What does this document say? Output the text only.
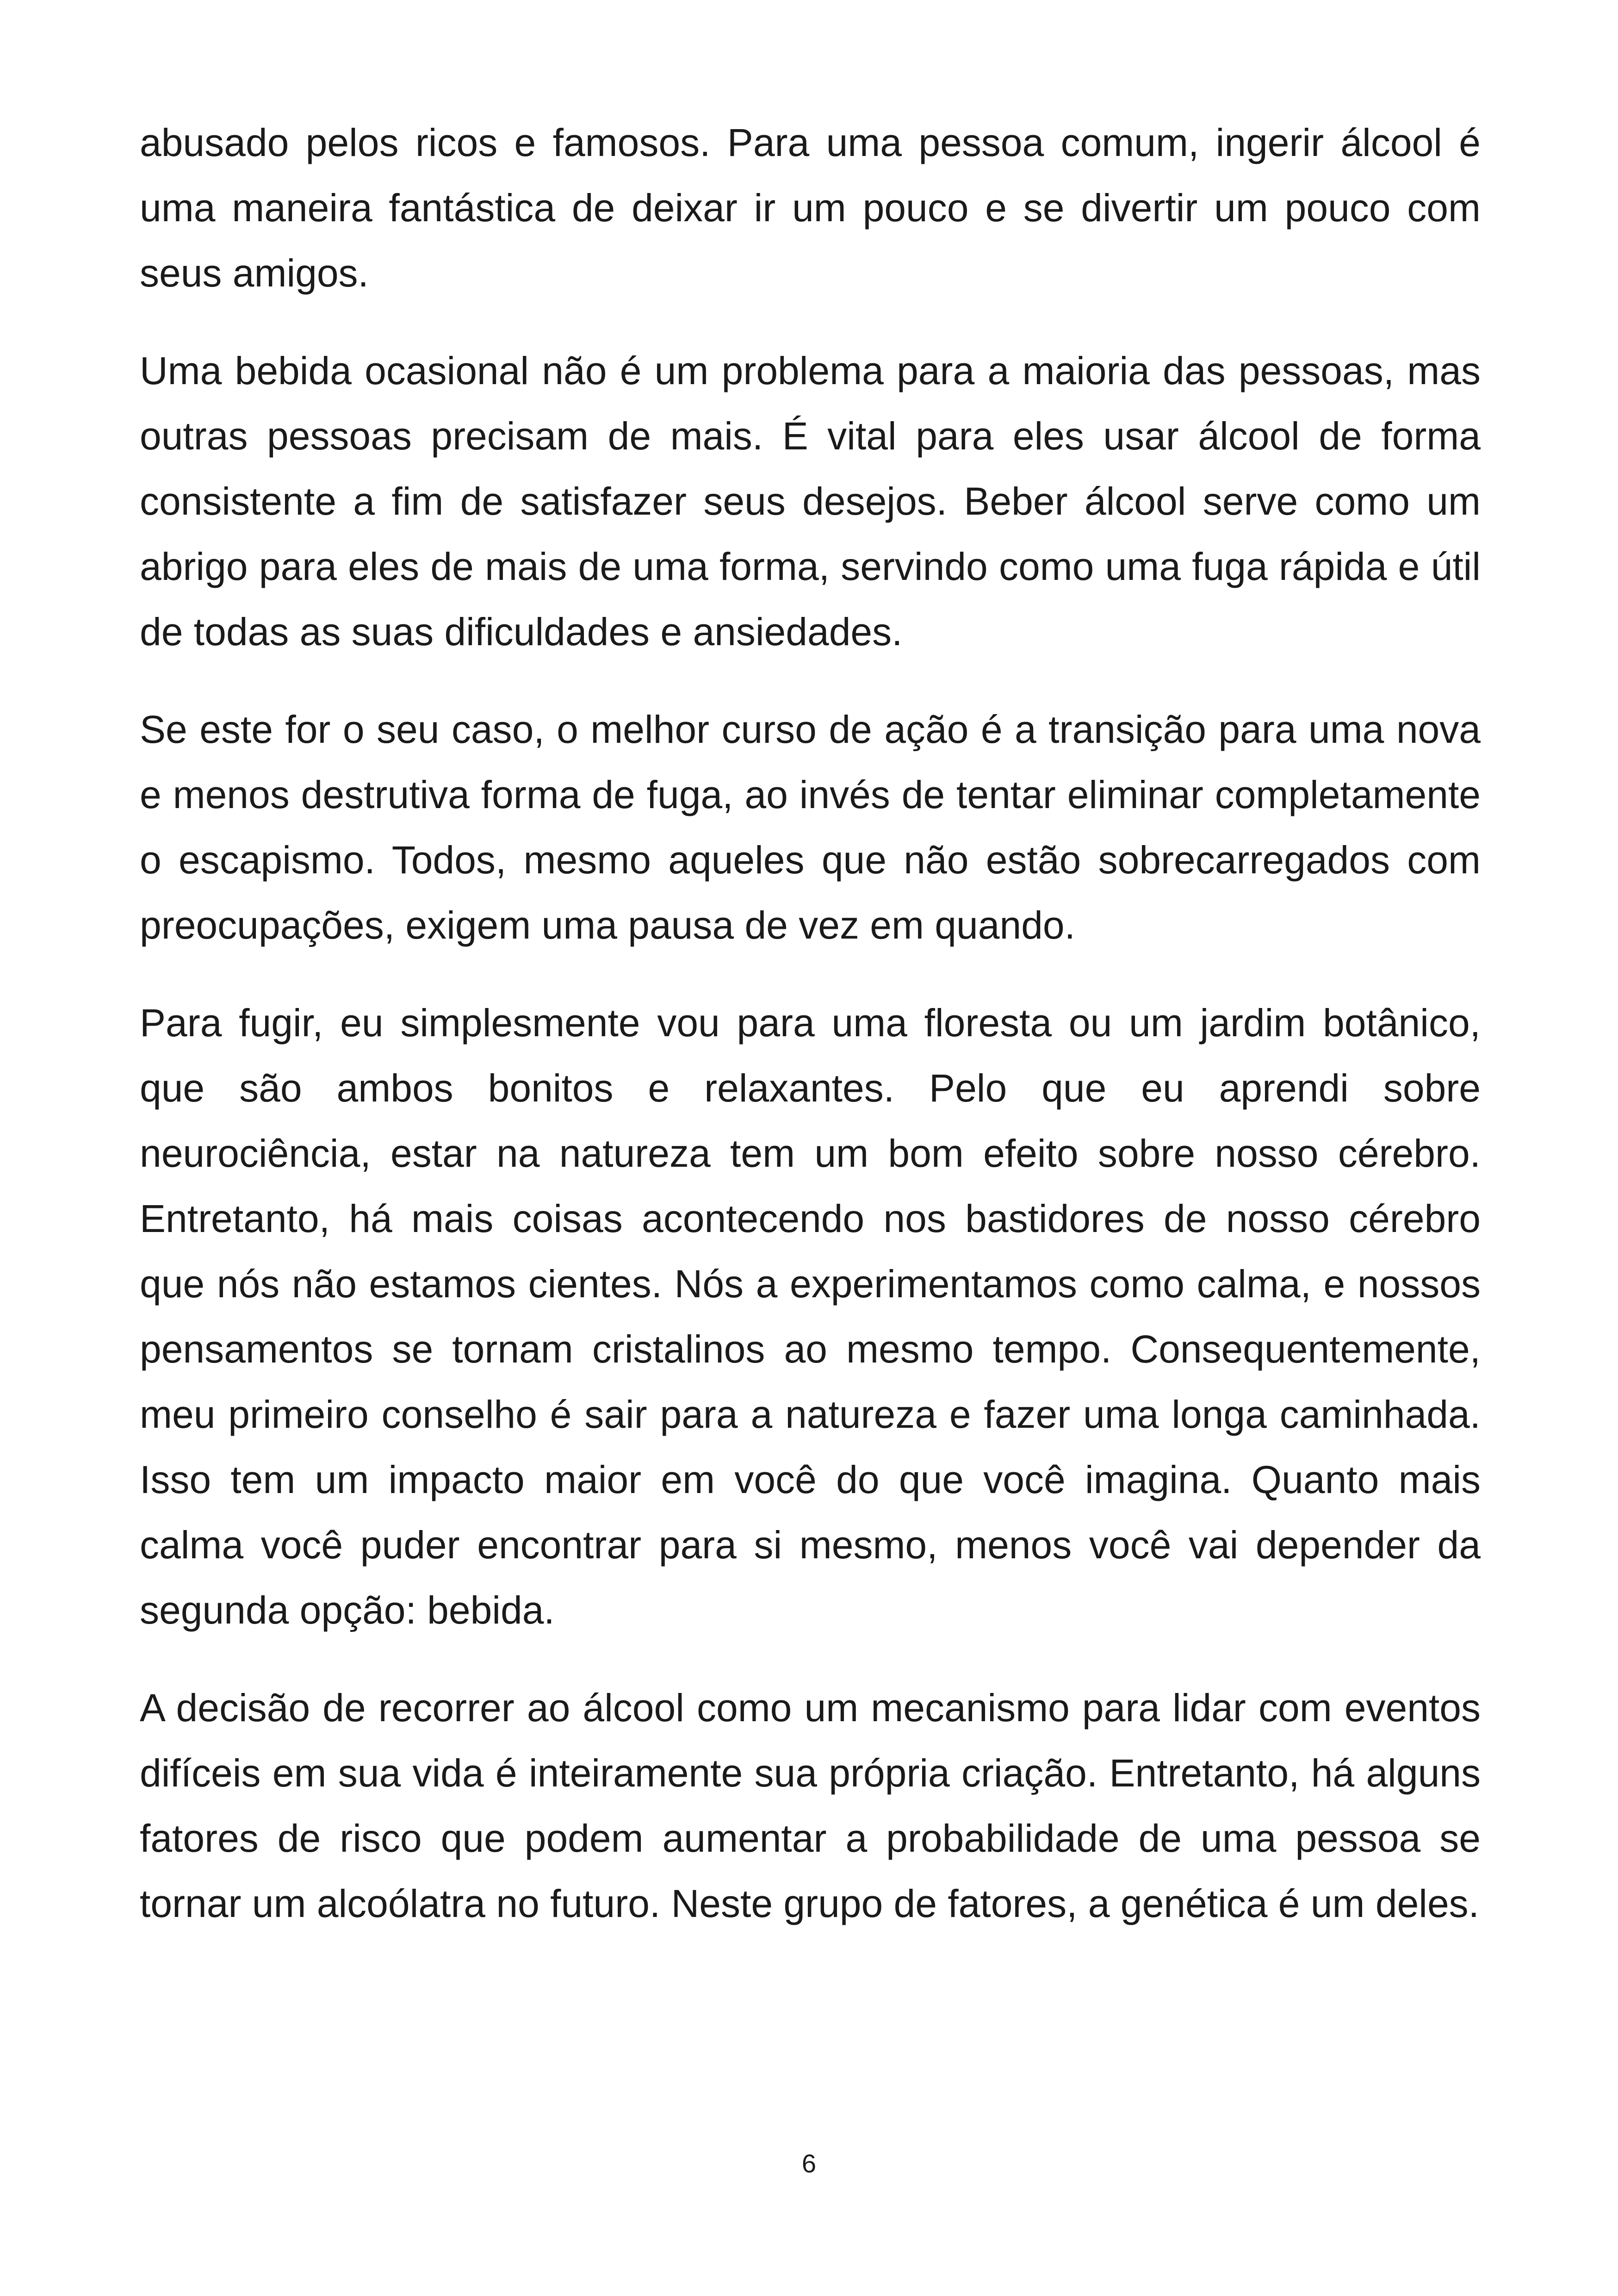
abusado pelos ricos e famosos. Para uma pessoa comum, ingerir álcool é uma maneira fantástica de deixar ir um pouco e se divertir um pouco com seus amigos.

Uma bebida ocasional não é um problema para a maioria das pessoas, mas outras pessoas precisam de mais. É vital para eles usar álcool de forma consistente a fim de satisfazer seus desejos. Beber álcool serve como um abrigo para eles de mais de uma forma, servindo como uma fuga rápida e útil de todas as suas dificuldades e ansiedades.

Se este for o seu caso, o melhor curso de ação é a transição para uma nova e menos destrutiva forma de fuga, ao invés de tentar eliminar completamente o escapismo. Todos, mesmo aqueles que não estão sobrecarregados com preocupações, exigem uma pausa de vez em quando.

Para fugir, eu simplesmente vou para uma floresta ou um jardim botânico, que são ambos bonitos e relaxantes. Pelo que eu aprendi sobre neurociência, estar na natureza tem um bom efeito sobre nosso cérebro. Entretanto, há mais coisas acontecendo nos bastidores de nosso cérebro que nós não estamos cientes. Nós a experimentamos como calma, e nossos pensamentos se tornam cristalinos ao mesmo tempo. Consequentemente, meu primeiro conselho é sair para a natureza e fazer uma longa caminhada. Isso tem um impacto maior em você do que você imagina. Quanto mais calma você puder encontrar para si mesmo, menos você vai depender da segunda opção: bebida.

A decisão de recorrer ao álcool como um mecanismo para lidar com eventos difíceis em sua vida é inteiramente sua própria criação. Entretanto, há alguns fatores de risco que podem aumentar a probabilidade de uma pessoa se tornar um alcoólatra no futuro. Neste grupo de fatores, a genética é um deles.

6
